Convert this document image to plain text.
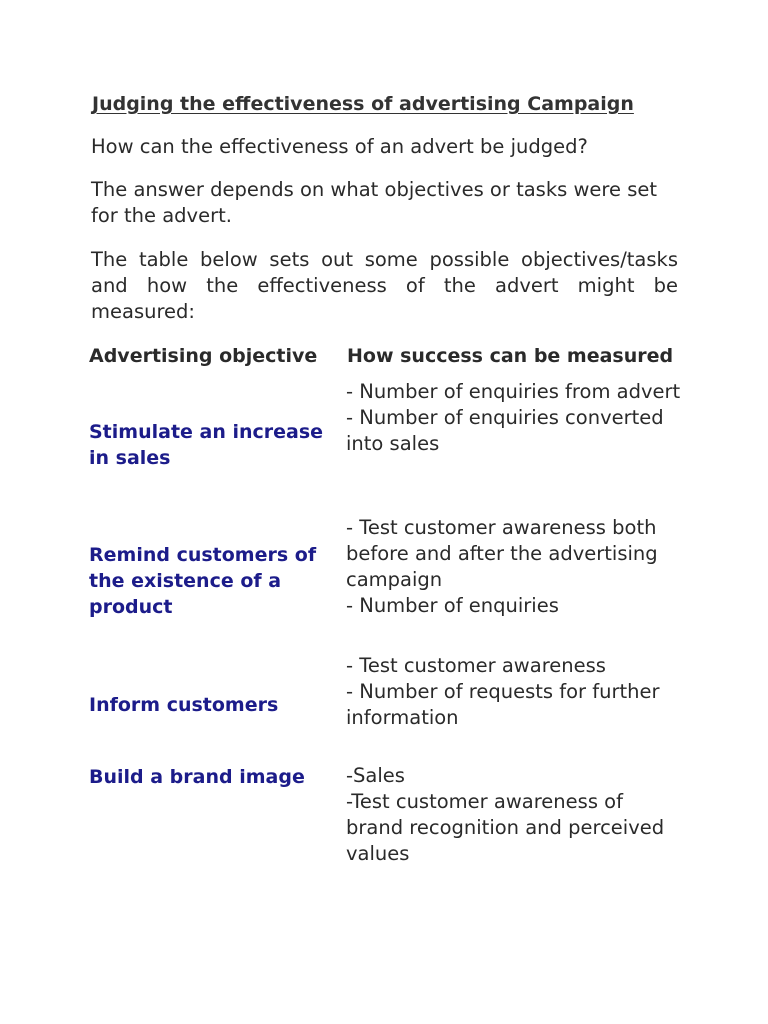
Judging the effectiveness of advertising Campaign
How can the effectiveness of an advert be judged?
The answer depends on what objectives or tasks were set for the advert.
The table below sets out some possible objectives/tasks and how the effectiveness of the advert might be measured:
Advertising objective How success can be measured
Stimulate an increase in sales
- Number of enquiries from advert
- Number of enquiries converted into sales
Remind customers of the existence of a product
- Test customer awareness both before and after the advertising campaign
- Number of enquiries
Inform customers
- Test customer awareness
- Number of requests for further information
Build a brand image	-Sales
-Test customer awareness of brand recognition and perceived values
